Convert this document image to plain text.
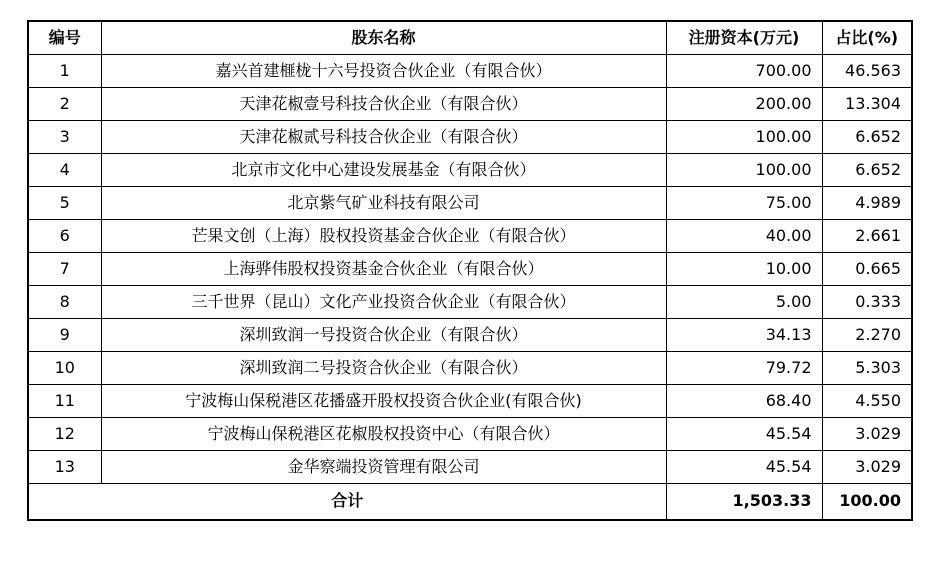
编号	股东名称	注册资本(万元)	占比(%)
1	嘉兴首建榧栊十六号投资合伙企业（有限合伙）	700.00	46.563
2	天津花椒壹号科技合伙企业（有限合伙）	200.00	13.304
3	天津花椒贰号科技合伙企业（有限合伙）	100.00	6.652
4	北京市文化中心建设发展基金（有限合伙）	100.00	6.652
5	北京紫气矿业科技有限公司	75.00	4.989
6	芒果文创（上海）股权投资基金合伙企业（有限合伙）	40.00	2.661
7	上海骅伟股权投资基金合伙企业（有限合伙）	10.00	0.665
8	三千世界（昆山）文化产业投资合伙企业（有限合伙）	5.00	0.333
9	深圳致润一号投资合伙企业（有限合伙）	34.13	2.270
10	深圳致润二号投资合伙企业（有限合伙）	79.72	5.303
11	宁波梅山保税港区花播盛开股权投资合伙企业(有限合伙)	68.40	4.550
12	宁波梅山保税港区花椒股权投资中心（有限合伙）	45.54	3.029
13	金华察端投资管理有限公司	45.54	3.029
合计		1,503.33	100.00
